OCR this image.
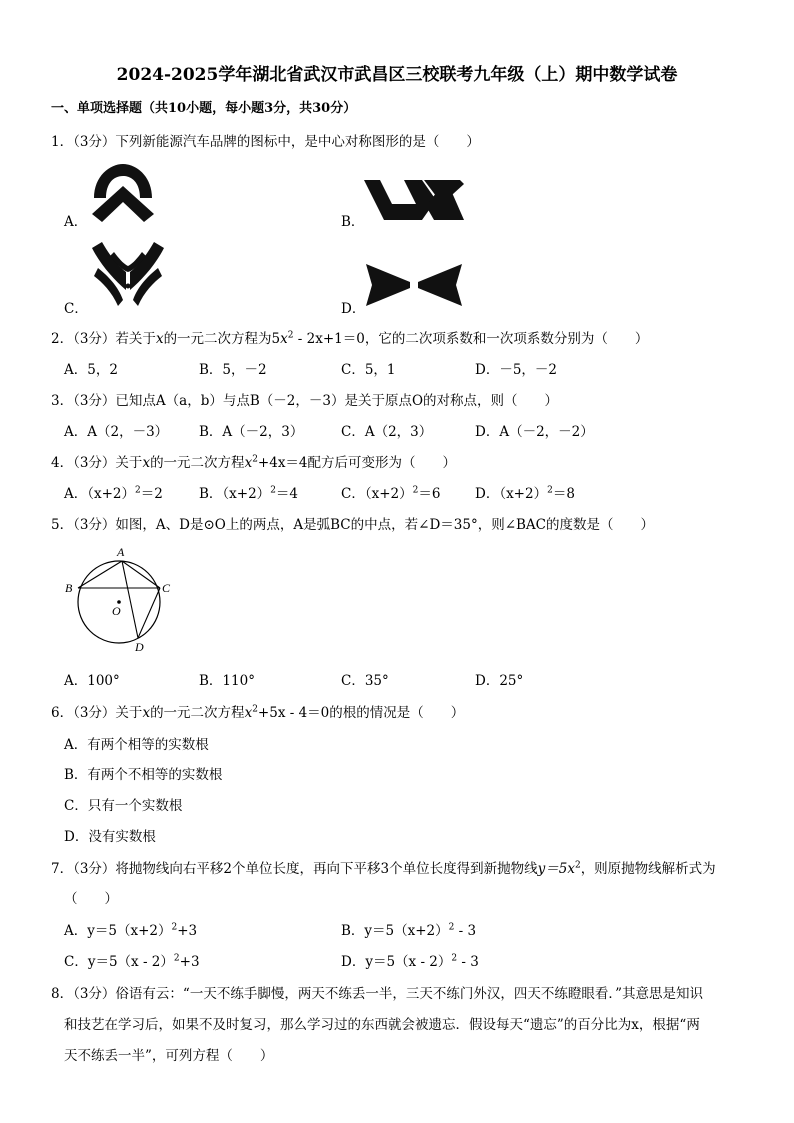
2024-2025学年湖北省武汉市武昌区三校联考九年级（上）期中数学试卷
一、单项选择题（共10小题，每小题3分，共30分）
1．（3分）下列新能源汽车品牌的图标中，是中心对称图形的是（　　）
A．	B．
C．	D．
2．（3分）若关于x的一元二次方程为$5x^2 - 2x+1=0$，它的二次项系数和一次项系数分别为（　　）
A．5，2	B．5，－2	C．5，1	D．－5，－2
3．（3分）已知点A（a，b）与点B（－2，－3）是关于原点O的对称点，则（　　）
A．A（2，－3） B．A（－2，3）	C．A（2，3）	D．A（－2，－2）
4．（3分）关于x的一元二次方程$x^2+4x=4$配方后可变形为（　　）
A．$(x+2)^2=2$	B．$(x+2)^2=4$	C．$(x+2)^2=6$	D．$(x+2)^2=8$
5．（3分）如图，A、D是⊙O上的两点，A是弧BC的中点，若∠D＝35°，则∠BAC的度数是（　　）
A
B	C
O
D
A．100°	B．110°	C．35°	D．25°
6．（3分）关于x的一元二次方程$x^2+5x - 4=0$的根的情况是（　　）
A．有两个相等的实数根
B．有两个不相等的实数根
C．只有一个实数根
D．没有实数根
7．（3分）将抛物线向右平移2个单位长度，再向下平移3个单位长度得到新抛物线$y=5x^2$，则原抛物线解析式为
（　　）
A．$y=5(x+2)^2+3$	B．$y=5(x+2)^2 - 3$
C．y＝5（x - 2）$^2$+3	D．y＝5（x - 2）$^2$ - 3
8．（3分）俗语有云：“一天不练手脚慢，两天不练丢一半，三天不练门外汉，四天不练瞪眼看．”其意思是知识
和技艺在学习后，如果不及时复习，那么学习过的东西就会被遗忘．假设每天“遗忘”的百分比为x，根据“两
天不练丢一半”，可列方程（　　）
